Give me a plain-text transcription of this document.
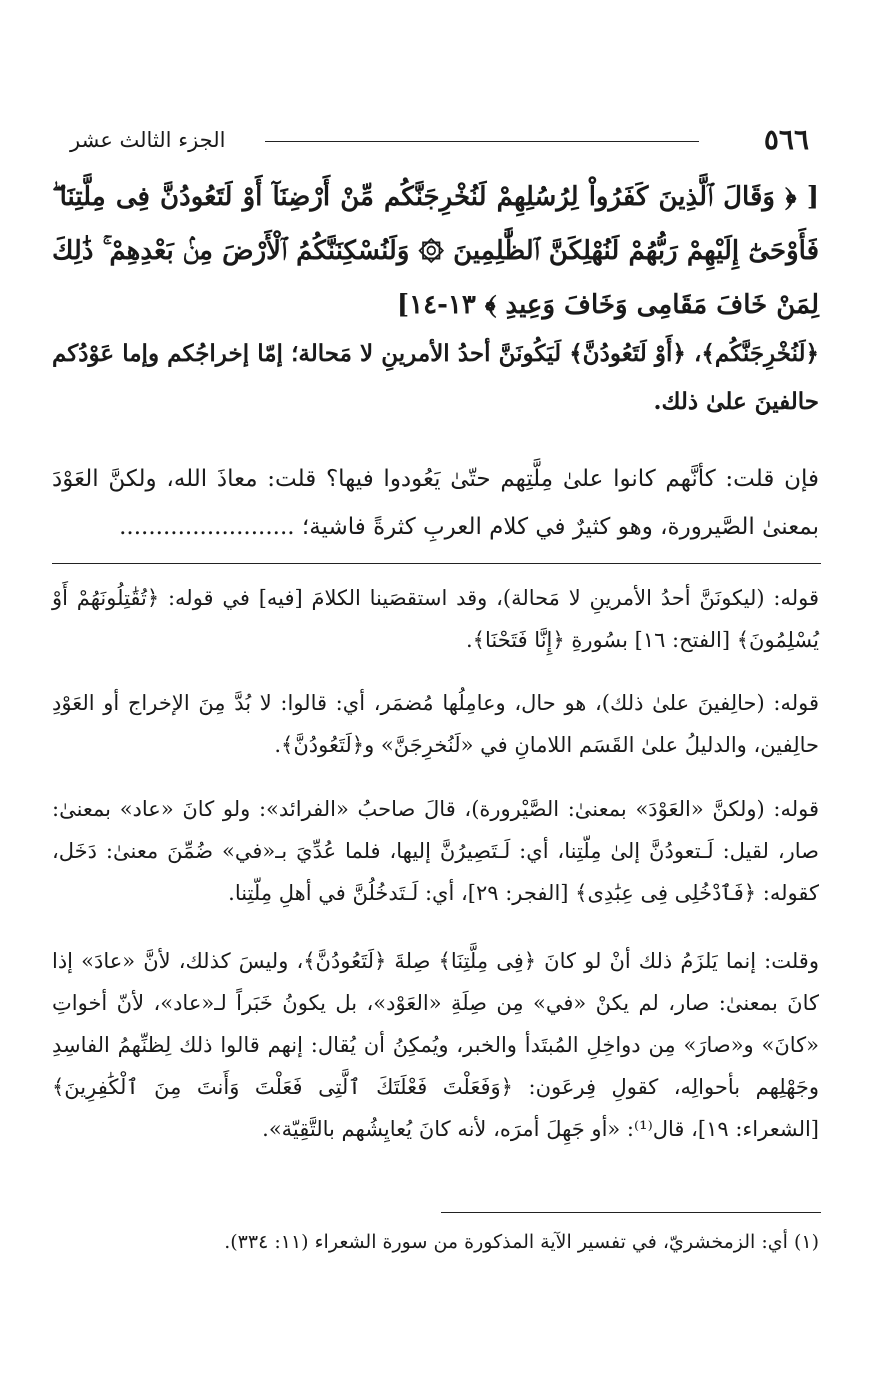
٥٦٦
الجزء الثالث عشر
[ ﴿ وَقَالَ ٱلَّذِينَ كَفَرُواْ لِرُسُلِهِمْ لَنُخْرِجَنَّكُم مِّنْ أَرْضِنَآ أَوْ لَتَعُودُنَّ فِى مِلَّتِنَا ۖ فَأَوْحَىٰٓ إِلَيْهِمْ رَبُّهُمْ لَنُهْلِكَنَّ ٱلظَّٰلِمِينَ ۞ وَلَنُسْكِنَنَّكُمُ ٱلْأَرْضَ مِنۢ بَعْدِهِمْ ۚ ذَٰلِكَ لِمَنْ خَافَ مَقَامِى وَخَافَ وَعِيدِ ﴾ ١٣-١٤]
﴿لَنُخْرِجَنَّكُم﴾، ﴿أَوْ لَتَعُودُنَّ﴾ لَيَكُونَنَّ أحدُ الأمرينِ لا مَحالة؛ إمّا إخراجُكم وإما عَوْدُكم حالفينَ علىٰ ذلك.
فإن قلت: كأنَّهم كانوا علىٰ مِلَّتِهم حتّىٰ يَعُودوا فيها؟ قلت: معاذَ الله، ولكنَّ العَوْدَ بمعنىٰ الصَّيرورة، وهو كثيرٌ في كلام العربِ كثرةً فاشية؛ ........................
قوله: (ليكونَنَّ أحدُ الأمرينِ لا مَحالة)، وقد استقصَينا الكلامَ [فيه] في قوله: ﴿تُقَٰتِلُونَهُمْ أَوْ يُسْلِمُونَ﴾ [الفتح: ١٦] بسُورةِ ﴿إِنَّا فَتَحْنَا﴾.
قوله: (حالِفينَ علىٰ ذلك)، هو حال، وعامِلُها مُضمَر، أي: قالوا: لا بُدَّ مِنَ الإخراج أو العَوْدِ حالِفين، والدليلُ علىٰ القَسَم اللامانِ في «لَنُخرِجَنَّ» و﴿لَتَعُودُنَّ﴾.
قوله: (ولكنَّ «العَوْدَ» بمعنىٰ: الصَّيْرورة)، قالَ صاحبُ «الفرائد»: ولو كانَ «عاد» بمعنىٰ: صار، لقيل: لَـتعودُنَّ إلىٰ مِلّتِنا، أي: لَـتَصِيرُنَّ إليها، فلما عُدِّيَ بـ«في» ضُمِّنَ معنىٰ: دَخَل، كقوله: ﴿فَٱدْخُلِى فِى عِبَٰدِى﴾ [الفجر: ٢٩]، أي: لَـتَدخُلُنَّ في أهلِ مِلّتِنا.
وقلت: إنما يَلزَمُ ذلك أنْ لو كانَ ﴿فِى مِلَّتِنَا﴾ صِلةَ ﴿لَتَعُودُنَّ﴾، وليسَ كذلك، لأنَّ «عادَ» إذا كانَ بمعنىٰ: صار، لم يكنْ «في» مِن صِلَةِ «العَوْد»، بل يكونُ خَبَراً لـ«عاد»، لأنّ أخواتِ «كانَ» و«صارَ» مِن دواخِلِ المُبتَدأ والخبر، ويُمكِنُ أن يُقال: إنهم قالوا ذلك لِظنِّهمُ الفاسِدِ وجَهْلِهم بأحوالِه، كقولِ فِرعَون: ﴿وَفَعَلْتَ فَعْلَتَكَ ٱلَّتِى فَعَلْتَ وَأَنتَ مِنَ ٱلْكَٰفِرِينَ﴾ [الشعراء: ١٩]، قال⁽¹⁾: «أو جَهِلَ أمرَه، لأنه كانَ يُعايِشُهم بالتَّقِيّة».
(١) أي: الزمخشريّ، في تفسير الآية المذكورة من سورة الشعراء (١١: ٣٣٤).
